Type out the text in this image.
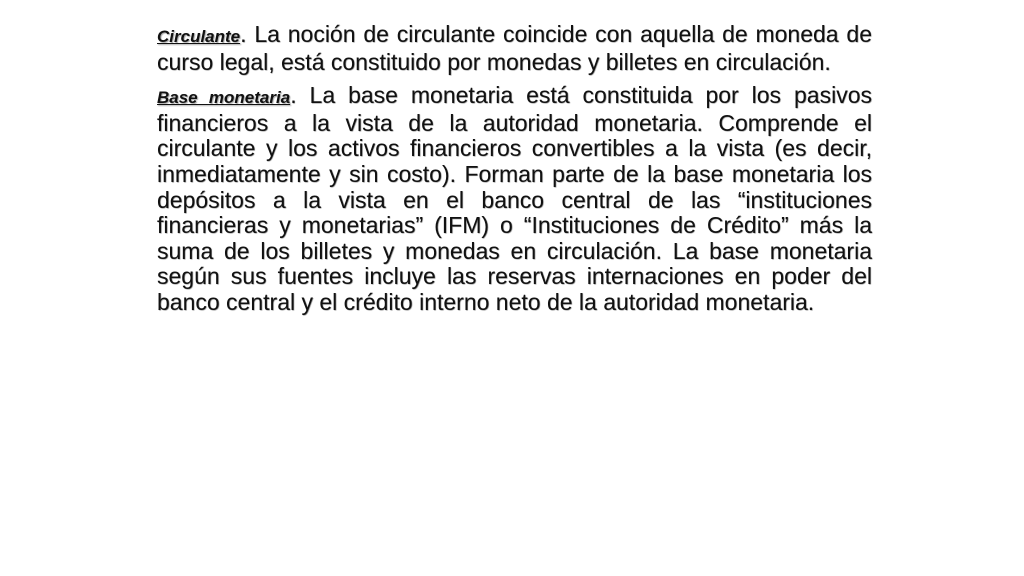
Circulante. La noción de circulante coincide con aquella de moneda de curso legal, está constituido por monedas y billetes en circulación.

Base monetaria. La base monetaria está constituida por los pasivos financieros a la vista de la autoridad monetaria. Comprende el circulante y los activos financieros convertibles a la vista (es decir, inmediatamente y sin costo). Forman parte de la base monetaria los depósitos a la vista en el banco central de las “instituciones financieras y monetarias” (IFM) o “Instituciones de Crédito” más la suma de los billetes y monedas en circulación. La base monetaria según sus fuentes incluye las reservas internaciones en poder del banco central y el crédito interno neto de la autoridad monetaria.
